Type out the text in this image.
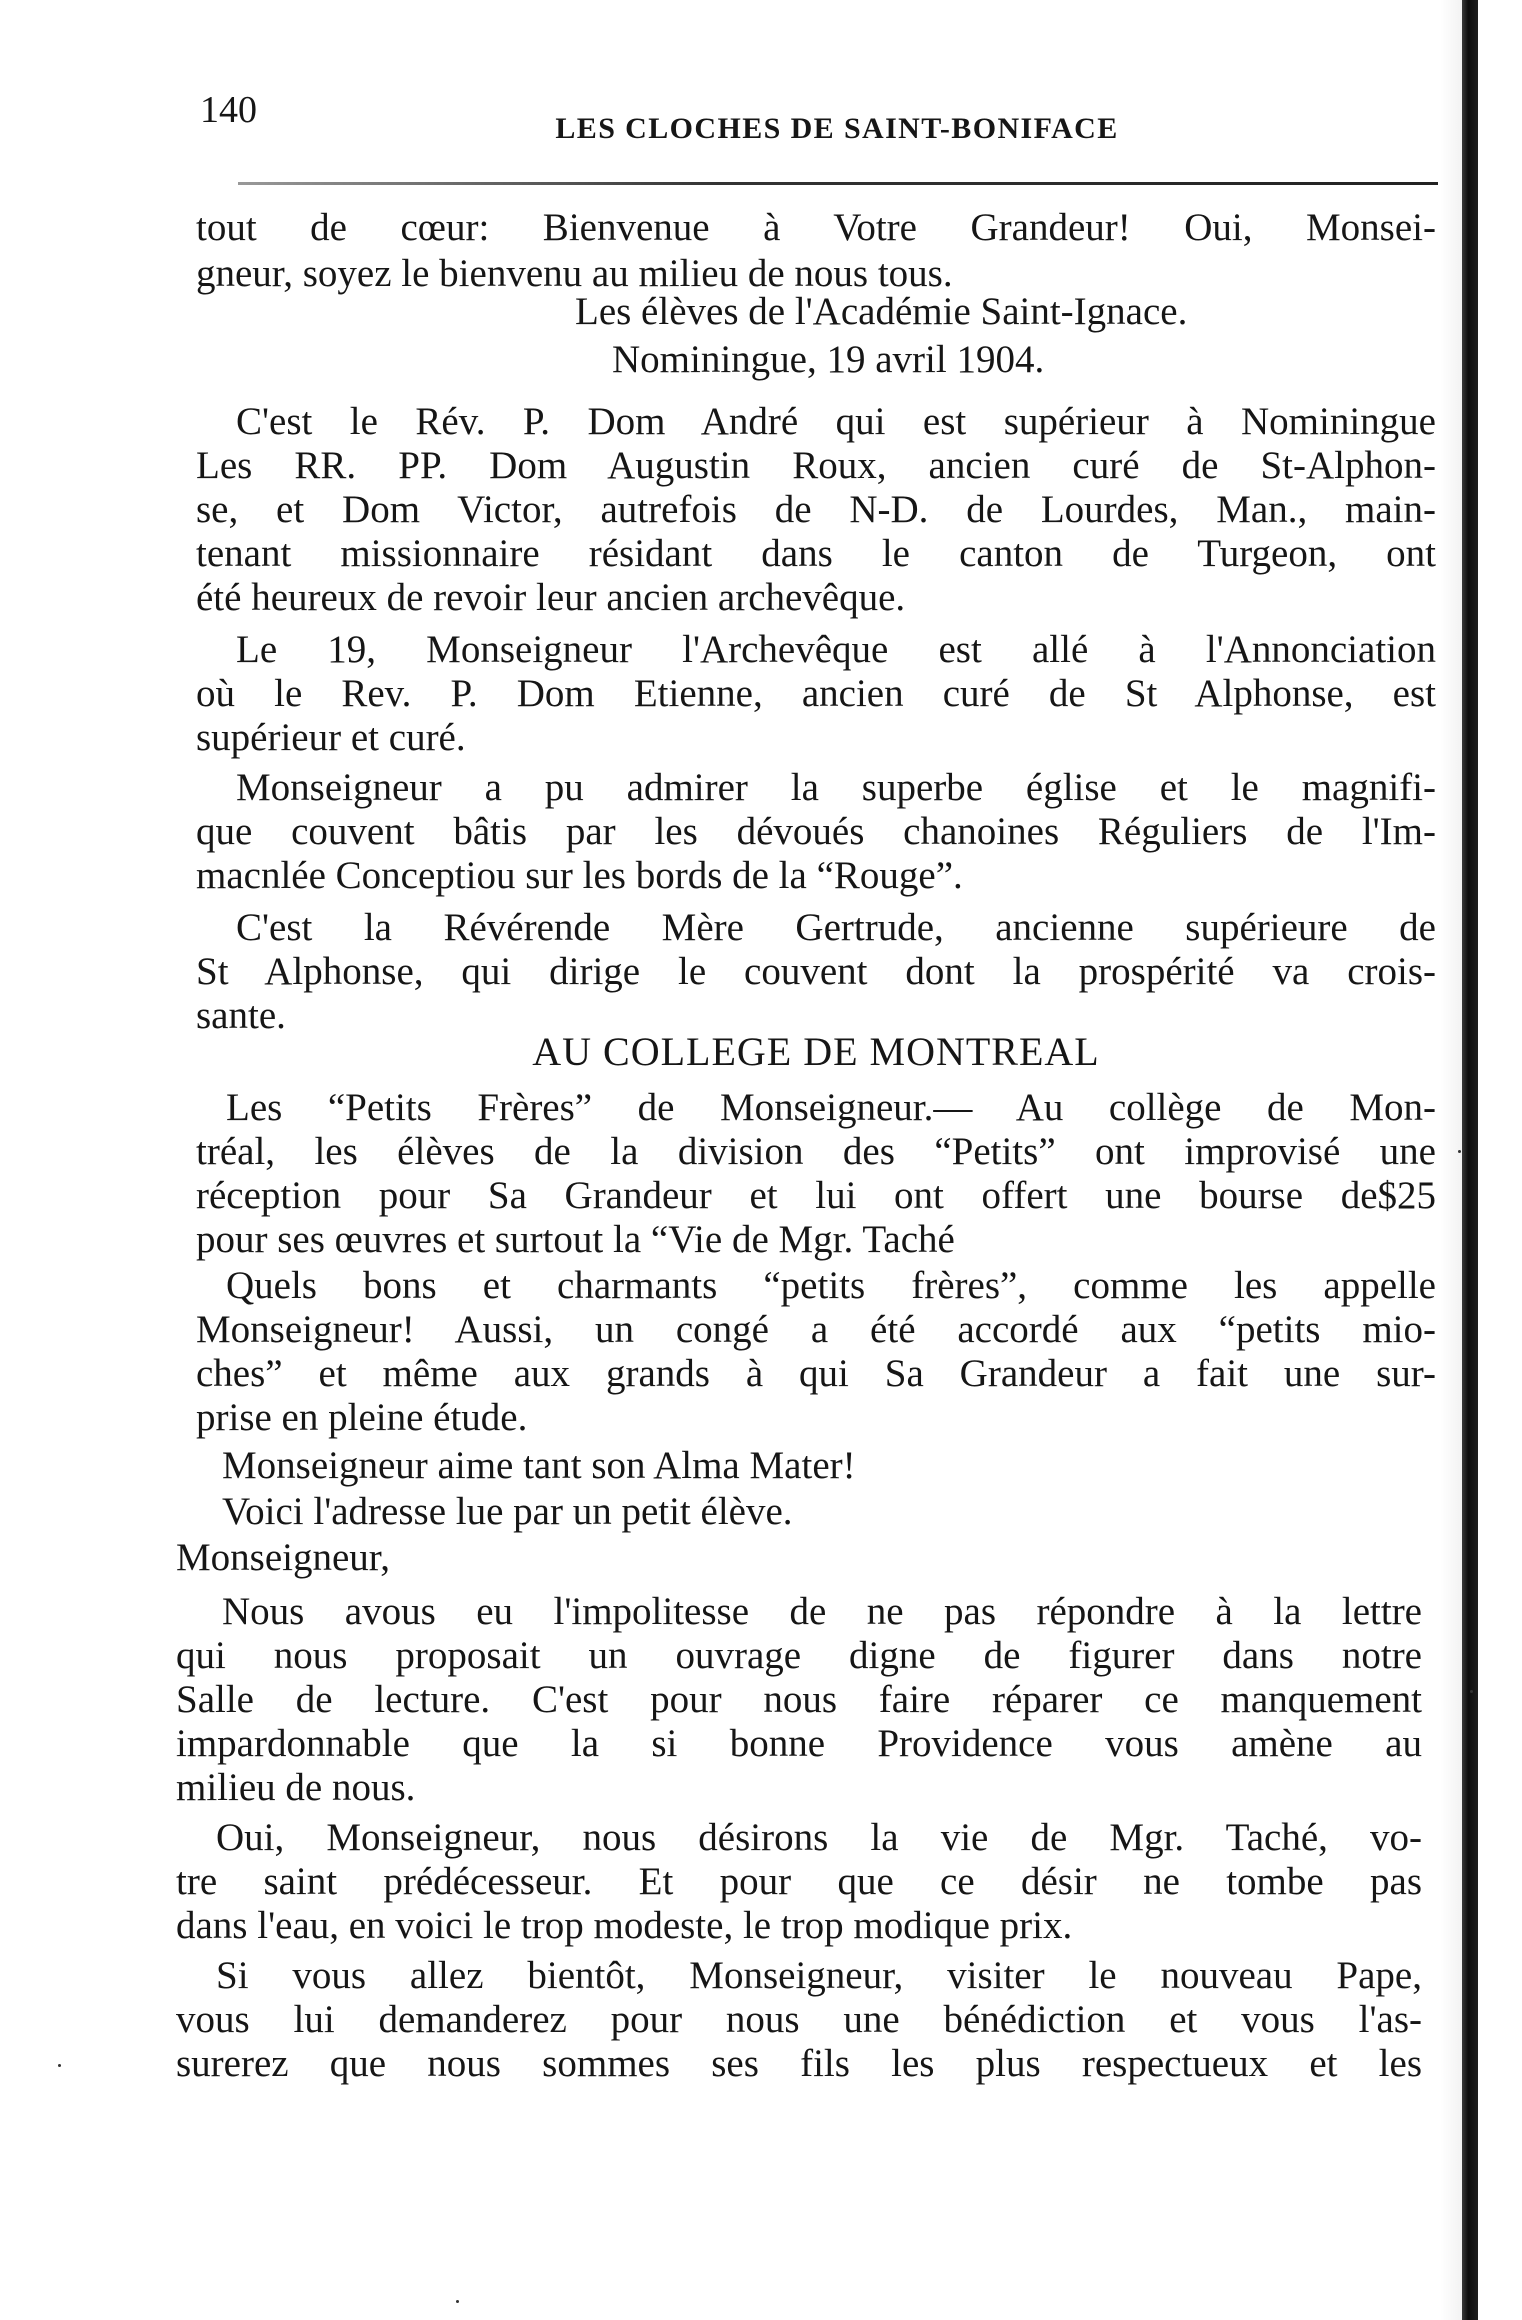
140	LES CLOCHES DE SAINT-BONIFACE
tout de cœur: Bienvenue à Votre Grandeur! Oui, Monsei-
gneur, soyez le bienvenu au milieu de nous tous.
Les élèves de l'Académie Saint-Ignace.
Nominingue, 19 avril 1904.
C'est le Rév. P. Dom André qui est supérieur à Nominingue
Les RR. PP. Dom Augustin Roux, ancien curé de St-Alphon-
se, et Dom Victor, autrefois de N-D. de Lourdes, Man., main-
tenant missionnaire résidant dans le canton de Turgeon, ont
été heureux de revoir leur ancien archevêque.
Le 19, Monseigneur l'Archevêque est allé à l'Annonciation
où le Rev. P. Dom Etienne, ancien curé de St Alphonse, est
supérieur et curé.
Monseigneur a pu admirer la superbe église et le magnifi-
que couvent bâtis par les dévoués chanoines Réguliers de l'Im-
macnlée Conceptiou sur les bords de la “Rouge”.
C'est la Révérende Mère Gertrude, ancienne supérieure de
St Alphonse, qui dirige le couvent dont la prospérité va crois-
sante.
AU COLLEGE DE MONTREAL
Les “Petits Frères” de Monseigneur.— Au collège de Mon-
tréal, les élèves de la division des “Petits” ont improvisé une
réception pour Sa Grandeur et lui ont offert une bourse de$25
pour ses œuvres et surtout la “Vie de Mgr. Taché
Quels bons et charmants “petits frères”, comme les appelle
Monseigneur! Aussi, un congé a été accordé aux “petits mio-
ches” et même aux grands à qui Sa Grandeur a fait une sur-
prise en pleine étude.
Monseigneur aime tant son Alma Mater!
Voici l'adresse lue par un petit élève.
Monseigneur,
Nous avous eu l'impolitesse de ne pas répondre à la lettre
qui nous proposait un ouvrage digne de figurer dans notre
Salle de lecture. C'est pour nous faire réparer ce manquement
impardonnable que la si bonne Providence vous amène au
milieu de nous.
Oui, Monseigneur, nous désirons la vie de Mgr. Taché, vo-
tre saint prédécesseur. Et pour que ce désir ne tombe pas
dans l'eau, en voici le trop modeste, le trop modique prix.
Si vous allez bientôt, Monseigneur, visiter le nouveau Pape,
vous lui demanderez pour nous une bénédiction et vous l'as-
surerez que nous sommes ses fils les plus respectueux et les
